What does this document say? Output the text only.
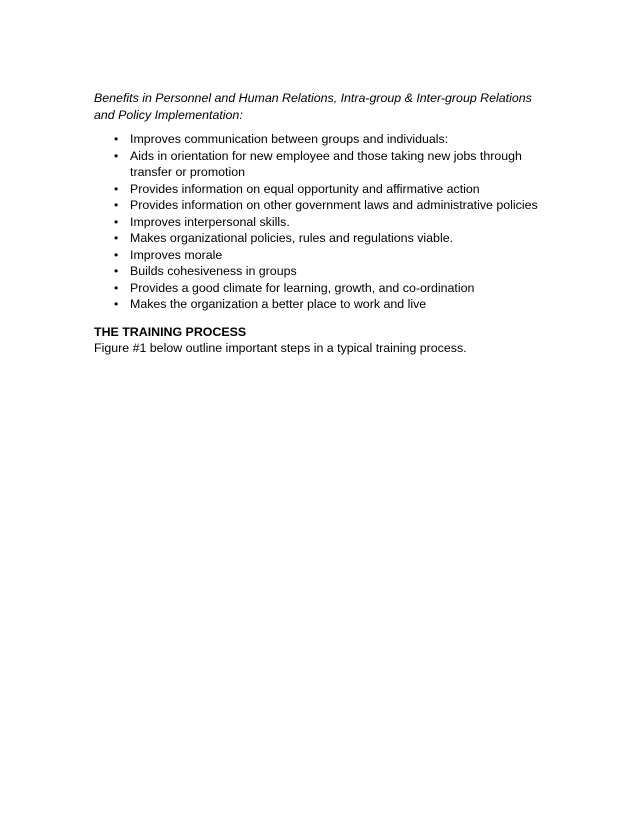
Benefits in Personnel and Human Relations, Intra-group & Inter-group Relations and Policy Implementation:

• Improves communication between groups and individuals:
• Aids in orientation for new employee and those taking new jobs through transfer or promotion
• Provides information on equal opportunity and affirmative action
• Provides information on other government laws and administrative policies
• Improves interpersonal skills.
• Makes organizational policies, rules and regulations viable.
• Improves morale
• Builds cohesiveness in groups
• Provides a good climate for learning, growth, and co-ordination
• Makes the organization a better place to work and live

THE TRAINING PROCESS

Figure #1 below outline important steps in a typical training process.
